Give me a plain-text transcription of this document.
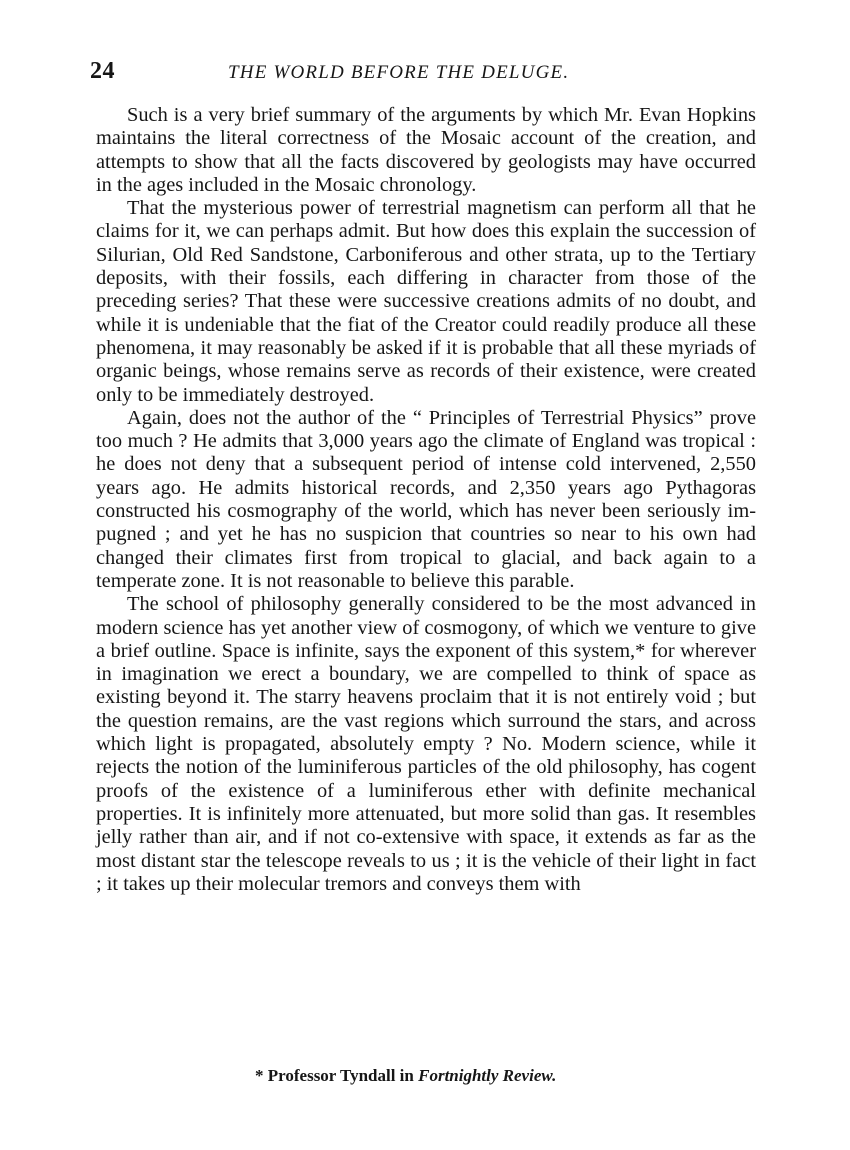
24	THE WORLD BEFORE THE DELUGE.

Such is a very brief summary of the arguments by which Mr. Evan Hopkins maintains the literal correctness of the Mosaic account of the creation, and attempts to show that all the facts discovered by geologists may have occurred in the ages included in the Mosaic chronology.

That the mysterious power of terrestrial magnetism can perform all that he claims for it, we can perhaps admit. But how does this explain the succession of Silurian, Old Red Sandstone, Carboniferous and other strata, up to the Tertiary deposits, with their fossils, each differing in character from those of the preceding series? That these were successive creations admits of no doubt, and while it is undeniable that the fiat of the Creator could readily produce all these phenomena, it may reasonably be asked if it is probable that all these myriads of organic beings, whose remains serve as records of their existence, were created only to be immediately destroyed.

Again, does not the author of the “ Principles of Terrestrial Physics” prove too much ? He admits that 3,000 years ago the climate of England was tropical : he does not deny that a subsequent period of intense cold intervened, 2,550 years ago. He admits historical records, and 2,350 years ago Pythagoras constructed his cosmography of the world, which has never been seriously impugned ; and yet he has no suspicion that countries so near to his own had changed their climates first from tropical to glacial, and back again to a temperate zone. It is not reasonable to believe this parable.

The school of philosophy generally considered to be the most advanced in modern science has yet another view of cosmogony, of which we venture to give a brief outline. Space is infinite, says the exponent of this system,* for wherever in imagination we erect a boundary, we are compelled to think of space as existing beyond it. The starry heavens proclaim that it is not entirely void ; but the question remains, are the vast regions which surround the stars, and across which light is propagated, absolutely empty ? No. Modern science, while it rejects the notion of the luminiferous particles of the old philosophy, has cogent proofs of the existence of a luminiferous ether with definite mechanical properties. It is infinitely more attenuated, but more solid than gas. It resembles jelly rather than air, and if not co-extensive with space, it extends as far as the most distant star the telescope reveals to us ; it is the vehicle of their light in fact ; it takes up their molecular tremors and conveys them with

* Professor Tyndall in Fortnightly Review.
